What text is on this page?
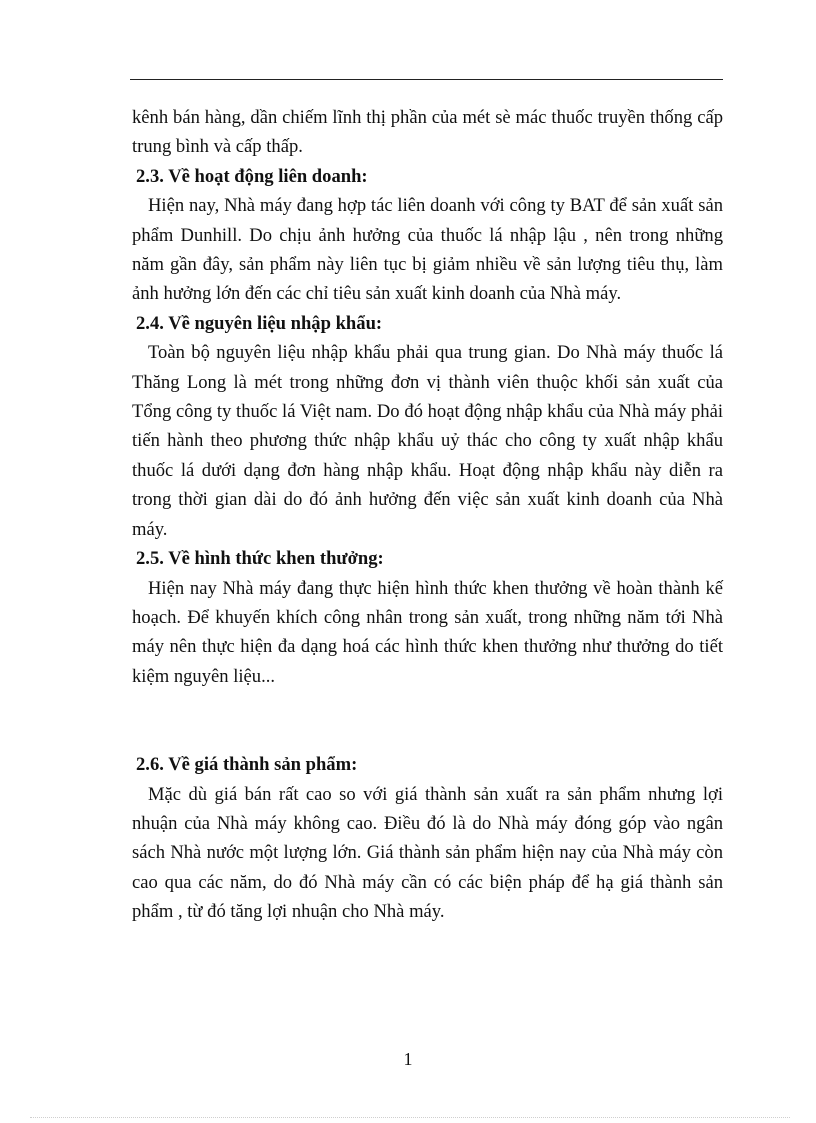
kênh bán hàng, dần chiếm lĩnh thị phần của mét sè mác thuốc truyền thống cấp trung bình và cấp thấp.

2.3. Về hoạt động liên doanh:

Hiện nay, Nhà máy đang hợp tác liên doanh với công ty BAT để sản xuất sản phẩm Dunhill. Do chịu ảnh hưởng của thuốc lá nhập lậu , nên trong những năm gần đây, sản phẩm này liên tục bị giảm nhiều về sản lượng tiêu thụ, làm ảnh hưởng lớn đến các chỉ tiêu sản xuất kinh doanh của Nhà máy.

2.4. Về nguyên liệu nhập khẩu:

Toàn bộ nguyên liệu nhập khẩu phải qua trung gian. Do Nhà máy thuốc lá Thăng Long là mét trong những đơn vị thành viên thuộc khối sản xuất của Tổng công ty thuốc lá Việt nam. Do đó hoạt động nhập khẩu của Nhà máy phải tiến hành theo phương thức nhập khẩu uỷ thác cho công ty xuất nhập khẩu thuốc lá dưới dạng đơn hàng nhập khẩu. Hoạt động nhập khẩu này diễn ra trong thời gian dài do đó ảnh hưởng đến việc sản xuất kinh doanh của Nhà máy.

2.5. Về hình thức khen thưởng:

Hiện nay Nhà máy đang thực hiện hình thức khen thưởng về hoàn thành kế hoạch. Để khuyến khích công nhân trong sản xuất, trong những năm tới Nhà máy nên thực hiện đa dạng hoá các hình thức khen thưởng như thưởng do tiết kiệm nguyên liệu...

2.6. Về giá thành sản phẩm:

Mặc dù giá bán rất cao so với giá thành sản xuất ra sản phẩm nhưng lợi nhuận của Nhà máy không cao. Điều đó là do Nhà máy đóng góp vào ngân sách Nhà nước một lượng lớn. Giá thành sản phẩm hiện nay của Nhà máy còn cao qua các năm, do đó Nhà máy cần có các biện pháp để hạ giá thành sản phẩm , từ đó tăng lợi nhuận cho Nhà máy.

1
